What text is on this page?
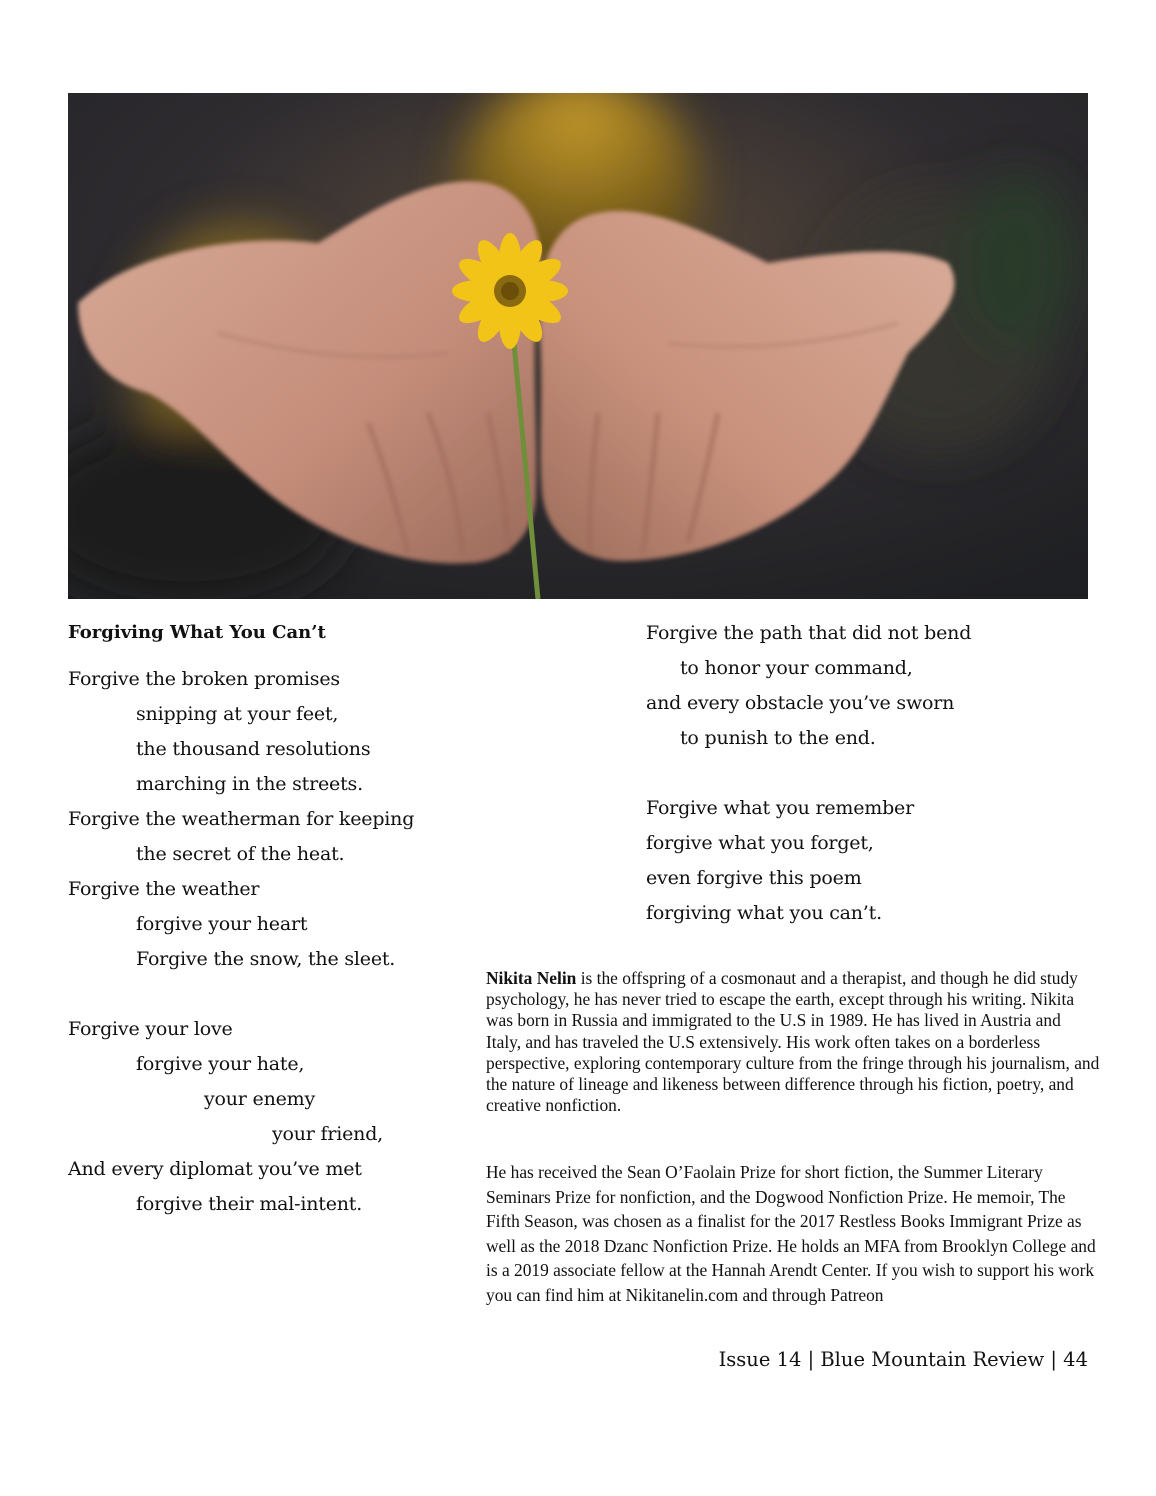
Forgiving What You Can’t
Forgive the broken promises
snipping at your feet,
the thousand resolutions
marching in the streets.
Forgive the weatherman for keeping
the secret of the heat.
Forgive the weather
forgive your heart
Forgive the snow, the sleet.
Forgive your love
forgive your hate,
your enemy
your friend,
And every diplomat you’ve met
forgive their mal-intent.
Forgive the path that did not bend
to honor your command,
and every obstacle you’ve sworn
to punish to the end.
Forgive what you remember
forgive what you forget,
even forgive this poem
forgiving what you can’t.

Nikita Nelin is the offspring of a cosmonaut and a therapist, and though he did study psychology, he has never tried to escape the earth, except through his writing. Nikita was born in Russia and immigrated to the U.S in 1989. He has lived in Austria and Italy, and has traveled the U.S extensively. His work often takes on a borderless perspective, exploring contemporary culture from the fringe through his journalism, and the nature of lineage and likeness between difference through his fiction, poetry, and creative nonfiction.

He has received the Sean O’Faolain Prize for short fiction, the Summer Literary Seminars Prize for nonfiction, and the Dogwood Nonfiction Prize. He memoir, The Fifth Season, was chosen as a finalist for the 2017 Restless Books Immigrant Prize as well as the 2018 Dzanc Nonfiction Prize. He holds an MFA from Brooklyn College and is a 2019 associate fellow at the Hannah Arendt Center. If you wish to support his work you can find him at Nikitanelin.com and through Patreon

Issue 14 | Blue Mountain Review | 44
